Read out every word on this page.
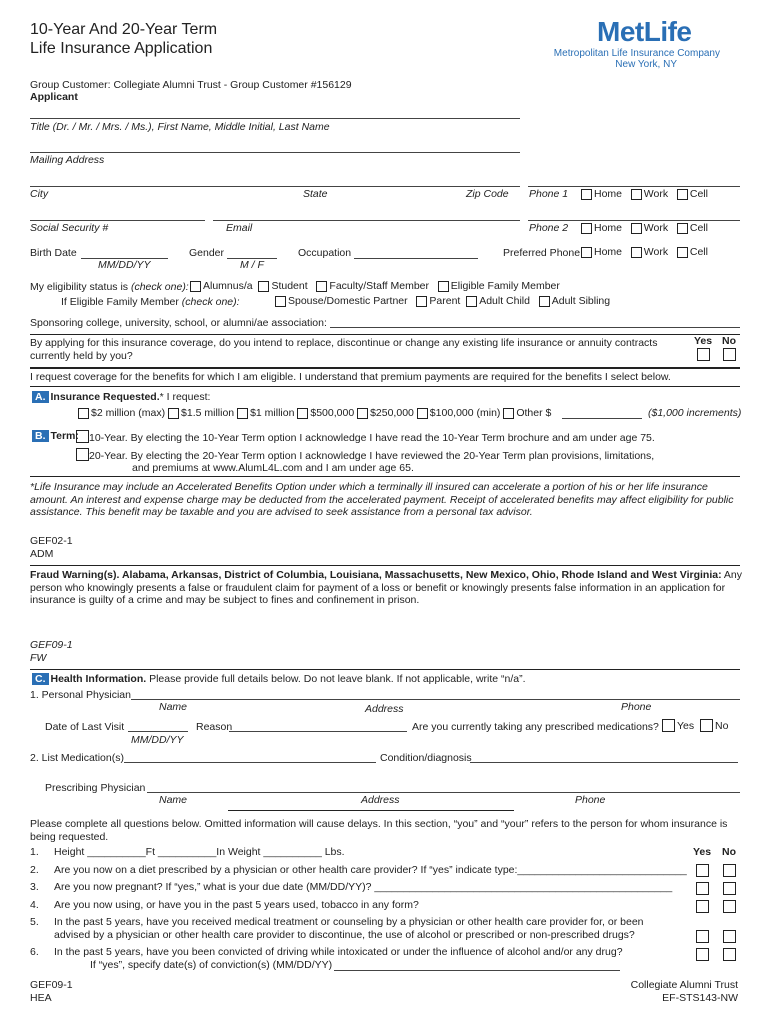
10-Year And 20-Year Term
Life Insurance Application
MetLife
Metropolitan Life Insurance Company
New York, NY
Group Customer: Collegiate Alumni Trust - Group Customer #156129
Applicant
Title (Dr. / Mr. / Mrs. / Ms.), First Name, Middle Initial, Last Name
Mailing Address
City	State	Zip Code Phone 1 Home
Work
Cell
Social Security #	Email	Phone 2 Home
Work
Cell
Birth Date
MM/DD/YY
Gender
M / F
Occupation	Preferred Phone Home
Work
Cell
My eligibility status is (check one): Alumnus/a
Student
Faculty/Staff Member
Eligible Family Member
If Eligible Family Member (check one):	Spouse/Domestic Partner
Parent
Adult Child
Adult Sibling
Sponsoring college, university, school, or alumni/ae association:
By applying for this insurance coverage, do you intend to replace, discontinue or change any existing life insurance or annuity contracts
currently held by you?
Yes No
I request coverage for the benefits for which I am eligible. I understand that premium payments are required for the benefits I select below.
A. Insurance Requested.* I request:
$2 million (max)
$1.5 million
$1 million
$500,000
$250,000
$100,000 (min)
Other $	($1,000 increments)
B. Term: 10-Year. By electing the 10-Year Term option I acknowledge I have read the 10-Year Term brochure and am under age 75.
20-Year. By electing the 20-Year Term option I acknowledge I have reviewed the 20-Year Term plan provisions, limitations,
and premiums at www.AlumL4L.com and I am under age 65.
*Life Insurance may include an Accelerated Benefits Option under which a terminally ill insured can accelerate a portion of his or her life insurance
amount. An interest and expense charge may be deducted from the accelerated payment. Receipt of accelerated benefits may affect eligibility for public
assistance. This benefit may be taxable and you are advised to seek assistance from a personal tax advisor.
GEF02-1
ADM
Fraud Warning(s). Alabama, Arkansas, District of Columbia, Louisiana, Massachusetts, New Mexico, Ohio, Rhode Island and West Virginia: Any
person who knowingly presents a false or fraudulent claim for payment of a loss or benefit or knowingly presents false information in an application for
insurance is guilty of a crime and may be subject to fines and confinement in prison.
GEF09-1
FW
C. Health Information. Please provide full details below. Do not leave blank. If not applicable, write “n/a”.
1. Personal Physician
Name	Address	Phone
Date of Last Visit
MM/DD/YY
Reason	Are you currently taking any prescribed medications? Yes
No
2. List Medication(s)	Condition/diagnosis
Prescribing Physician
Name	Address	Phone
Please complete all questions below. Omitted information will cause delays. In this section, “you” and “your” refers to the person for whom insurance is
being requested.
Yes No
1. Height __________Ft __________In Weight __________ Lbs.
2. Are you now on a diet prescribed by a physician or other health care provider? If “yes” indicate type:_____________________________
3. Are you now pregnant? If “yes,” what is your due date (MM/DD/YY)? ___________________________________________________
4. Are you now using, or have you in the past 5 years used, tobacco in any form?
5. In the past 5 years, have you received medical treatment or counseling by a physician or other health care provider for, or been
advised by a physician or other health care provider to discontinue, the use of alcohol or prescribed or non-prescribed drugs?
6. In the past 5 years, have you been convicted of driving while intoxicated or under the influence of alcohol and/or any drug?
If “yes”, specify date(s) of conviction(s) (MM/DD/YY)
GEF09-1
HEA
Collegiate Alumni Trust
EF-STS143-NW
